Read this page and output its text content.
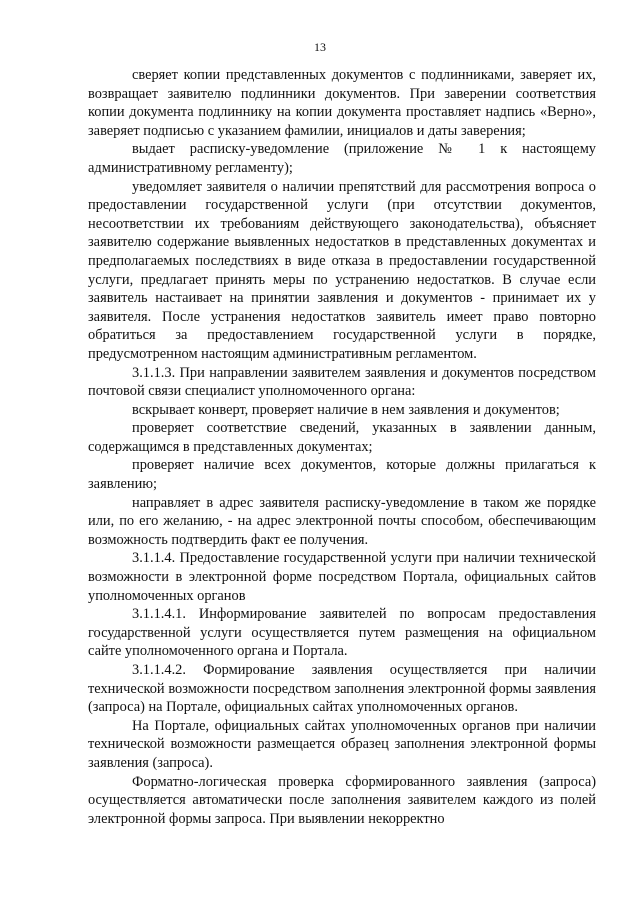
13

сверяет копии представленных документов с подлинниками, заверяет их, возвращает заявителю подлинники документов. При заверении соответствия копии документа подлиннику на копии документа проставляет надпись «Верно», заверяет подписью с указанием фамилии, инициалов и даты заверения;

выдает расписку-уведомление (приложение № 1 к настоящему административному регламенту);

уведомляет заявителя о наличии препятствий для рассмотрения вопроса о предоставлении государственной услуги (при отсутствии документов, несоответствии их требованиям действующего законодательства), объясняет заявителю содержание выявленных недостатков в представленных документах и предполагаемых последствиях в виде отказа в предоставлении государственной услуги, предлагает принять меры по устранению недостатков. В случае если заявитель настаивает на принятии заявления и документов - принимает их у заявителя. После устранения недостатков заявитель имеет право повторно обратиться за предоставлением государственной услуги в порядке, предусмотренном настоящим административным регламентом.

3.1.1.3. При направлении заявителем заявления и документов посредством почтовой связи специалист уполномоченного органа:

вскрывает конверт, проверяет наличие в нем заявления и документов;

проверяет соответствие сведений, указанных в заявлении данным, содержащимся в представленных документах;

проверяет наличие всех документов, которые должны прилагаться к заявлению;

направляет в адрес заявителя расписку-уведомление в таком же порядке или, по его желанию, - на адрес электронной почты способом, обеспечивающим возможность подтвердить факт ее получения.

3.1.1.4. Предоставление государственной услуги при наличии технической возможности в электронной форме посредством Портала, официальных сайтов уполномоченных органов

3.1.1.4.1. Информирование заявителей по вопросам предоставления государственной услуги осуществляется путем размещения на официальном сайте уполномоченного органа и Портала.

3.1.1.4.2. Формирование заявления осуществляется при наличии технической возможности посредством заполнения электронной формы заявления (запроса) на Портале, официальных сайтах уполномоченных органов.

На Портале, официальных сайтах уполномоченных органов при наличии технической возможности размещается образец заполнения электронной формы заявления (запроса).

Форматно-логическая проверка сформированного заявления (запроса) осуществляется автоматически после заполнения заявителем каждого из полей электронной формы запроса. При выявлении некорректно
